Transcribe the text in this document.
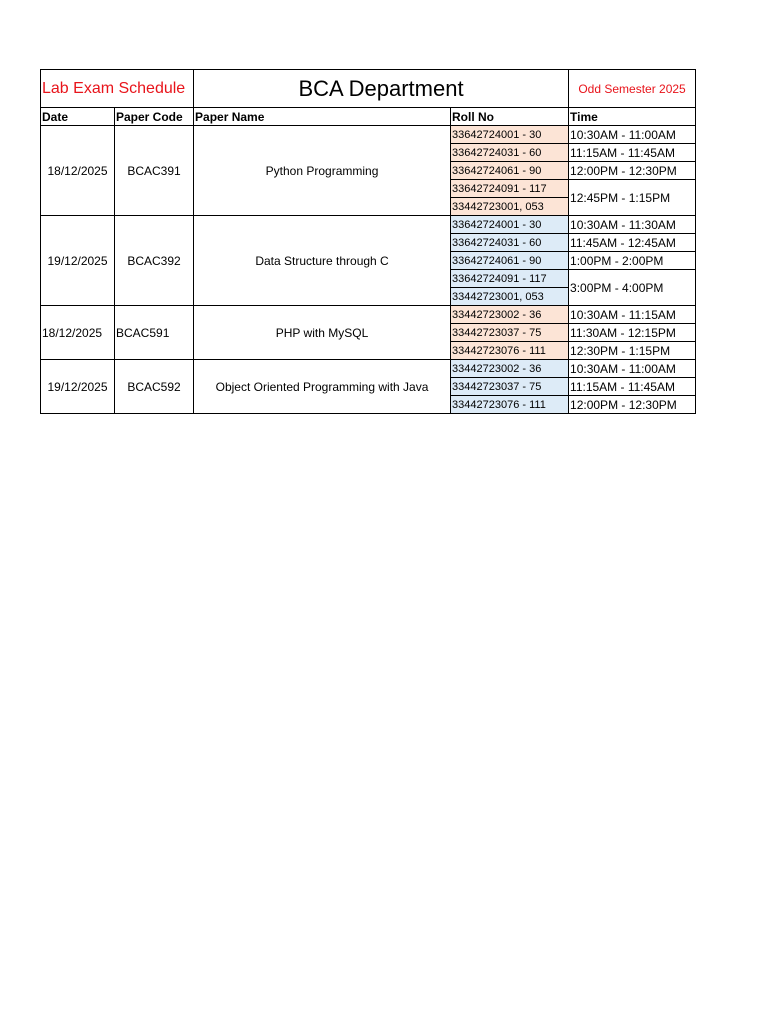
Lab Exam Schedule		BCA Department		Odd Semester 2025
Date	Paper Code	Paper Name	Roll No	Time
18/12/2025	BCAC391	Python Programming	33642724001 - 30	10:30AM - 11:00AM
			33642724031 - 60	11:15AM - 11:45AM
			33642724061 - 90	12:00PM - 12:30PM
			33642724091 - 117	12:45PM - 1:15PM
			33442723001, 053	
19/12/2025	BCAC392	Data Structure through C	33642724001 - 30	10:30AM - 11:30AM
			33642724031 - 60	11:45AM - 12:45AM
			33642724061 - 90	1:00PM - 2:00PM
			33642724091 - 117	3:00PM - 4:00PM
			33442723001, 053	
18/12/2025	BCAC591	PHP with MySQL	33442723002 - 36	10:30AM - 11:15AM
			33442723037 - 75	11:30AM - 12:15PM
			33442723076 - 111	12:30PM - 1:15PM
19/12/2025	BCAC592	Object Oriented Programming with Java	33442723002 - 36	10:30AM - 11:00AM
			33442723037 - 75	11:15AM - 11:45AM
			33442723076 - 111	12:00PM - 12:30PM
